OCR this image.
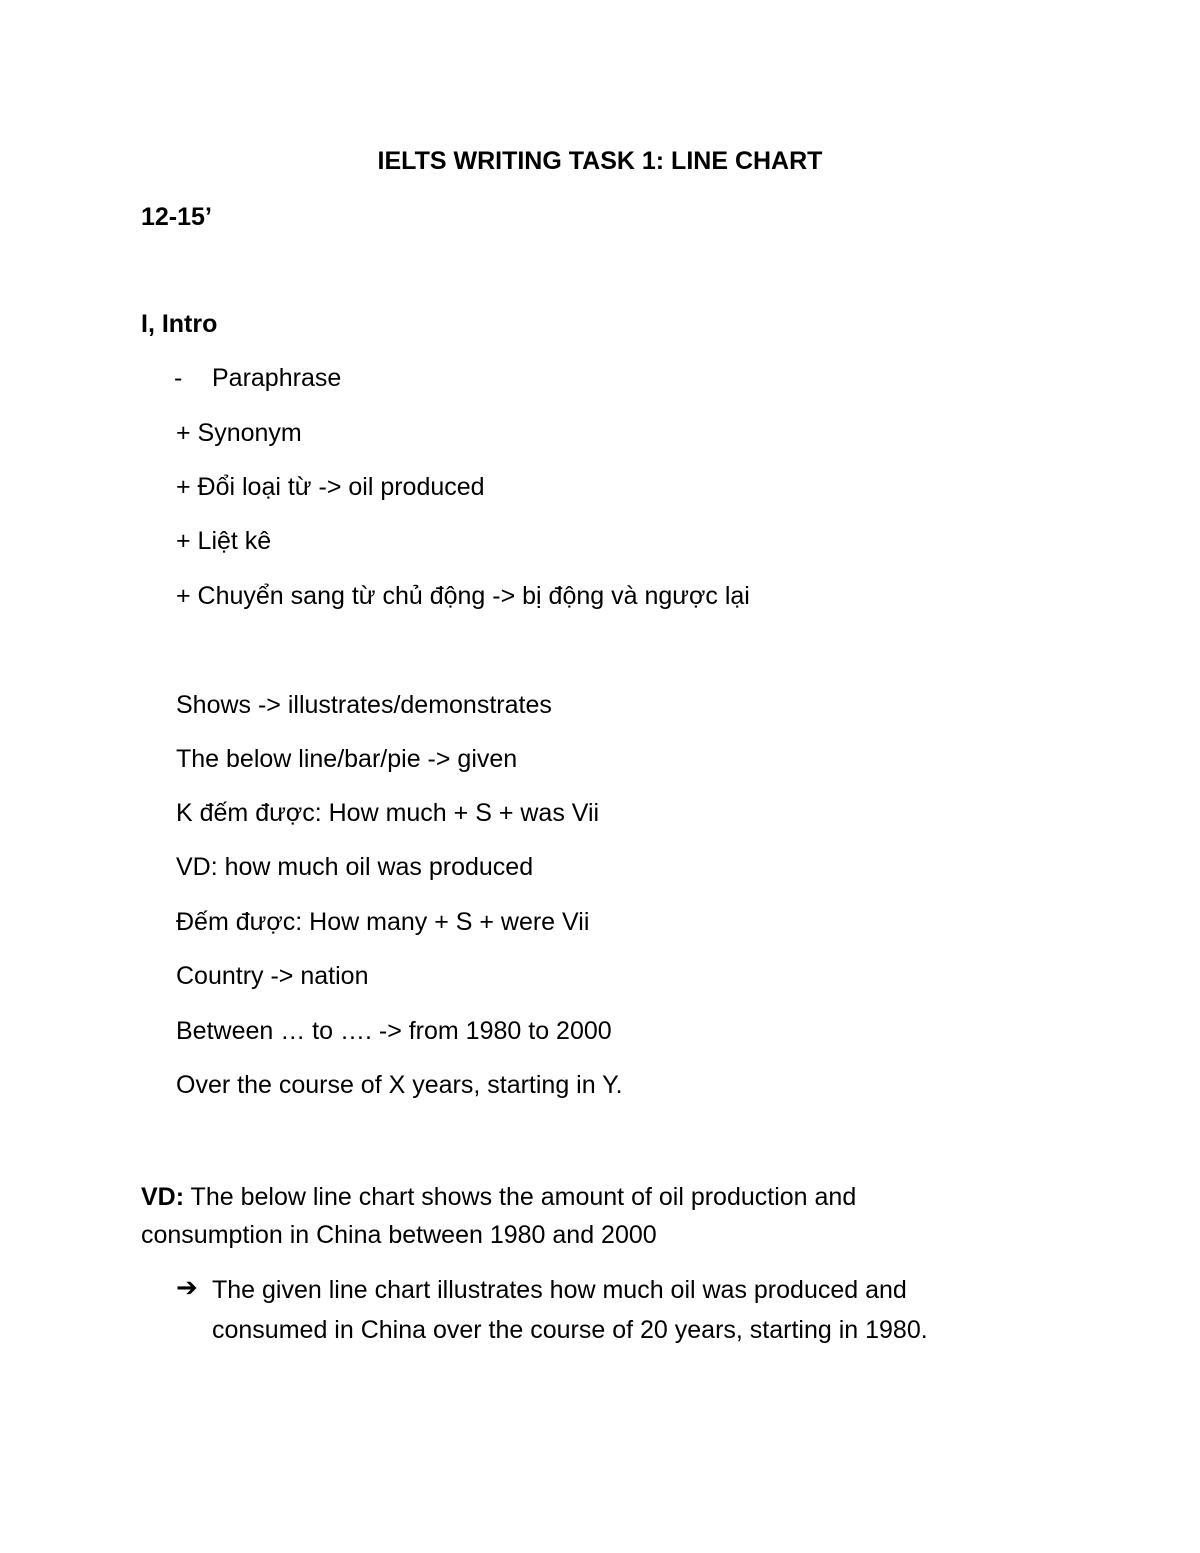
IELTS WRITING TASK 1: LINE CHART
12-15’
I, Intro
- Paraphrase
+ Synonym
+ Đổi loại từ -> oil produced
+ Liệt kê
+ Chuyển sang từ chủ động -> bị động và ngược lại
Shows -> illustrates/demonstrates
The below line/bar/pie -> given
K đếm được: How much + S + was Vii
VD: how much oil was produced
Đếm được: How many + S + were Vii
Country -> nation
Between … to …. -> from 1980 to 2000
Over the course of X years, starting in Y.
VD: The below line chart shows the amount of oil production and consumption in China between 1980 and 2000
➔ The given line chart illustrates how much oil was produced and consumed in China over the course of 20 years, starting in 1980.
